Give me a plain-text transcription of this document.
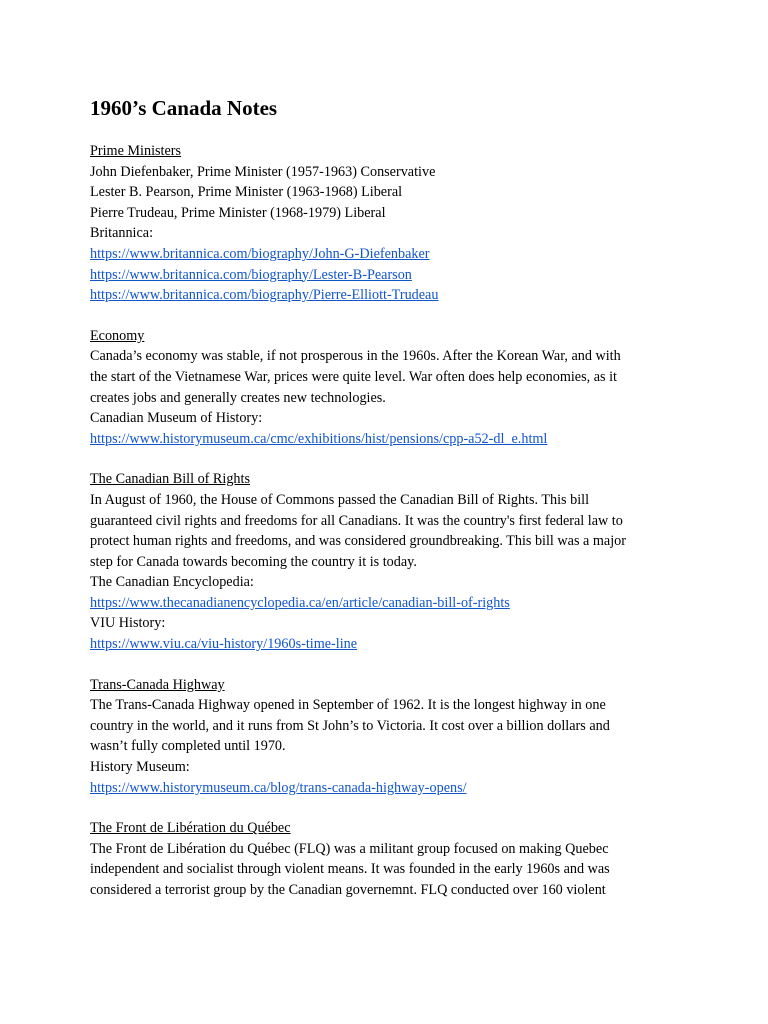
1960’s Canada Notes
Prime Ministers
John Diefenbaker, Prime Minister (1957-1963) Conservative
Lester B. Pearson, Prime Minister (1963-1968) Liberal
Pierre Trudeau, Prime Minister (1968-1979) Liberal
Britannica:
https://www.britannica.com/biography/John-G-Diefenbaker
https://www.britannica.com/biography/Lester-B-Pearson
https://www.britannica.com/biography/Pierre-Elliott-Trudeau
Economy
Canada’s economy was stable, if not prosperous in the 1960s. After the Korean War, and with
the start of the Vietnamese War, prices were quite level. War often does help economies, as it
creates jobs and generally creates new technologies.
Canadian Museum of History:
https://www.historymuseum.ca/cmc/exhibitions/hist/pensions/cpp-a52-dl_e.html
The Canadian Bill of Rights
In August of 1960, the House of Commons passed the Canadian Bill of Rights. This bill
guaranteed civil rights and freedoms for all Canadians. It was the country's first federal law to
protect human rights and freedoms, and was considered groundbreaking. This bill was a major
step for Canada towards becoming the country it is today.
The Canadian Encyclopedia:
https://www.thecanadianencyclopedia.ca/en/article/canadian-bill-of-rights
VIU History:
https://www.viu.ca/viu-history/1960s-time-line
Trans-Canada Highway
The Trans-Canada Highway opened in September of 1962. It is the longest highway in one
country in the world, and it runs from St John’s to Victoria. It cost over a billion dollars and
wasn’t fully completed until 1970.
History Museum:
https://www.historymuseum.ca/blog/trans-canada-highway-opens/
The Front de Libération du Québec
The Front de Libération du Québec (FLQ) was a militant group focused on making Quebec
independent and socialist through violent means. It was founded in the early 1960s and was
considered a terrorist group by the Canadian governemnt. FLQ conducted over 160 violent
